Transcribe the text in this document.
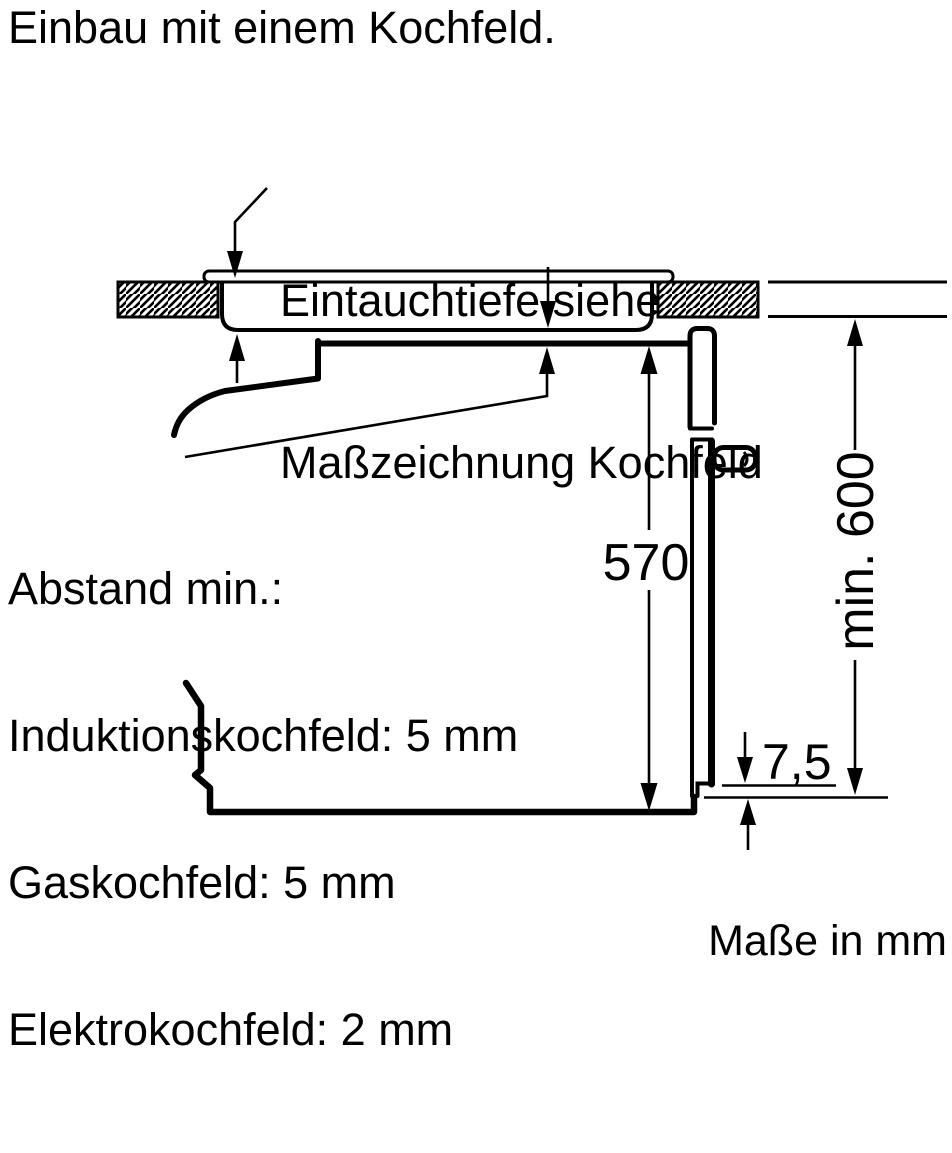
Einbau mit einem Kochfeld.

Eintauchtiefe siehe

Maßzeichnung Kochfeld

Abstand min.:

Induktionskochfeld: 5 mm

Gaskochfeld: 5 mm

Elektrokochfeld: 2 mm

570	min. 600
7,5
Maße in mm
